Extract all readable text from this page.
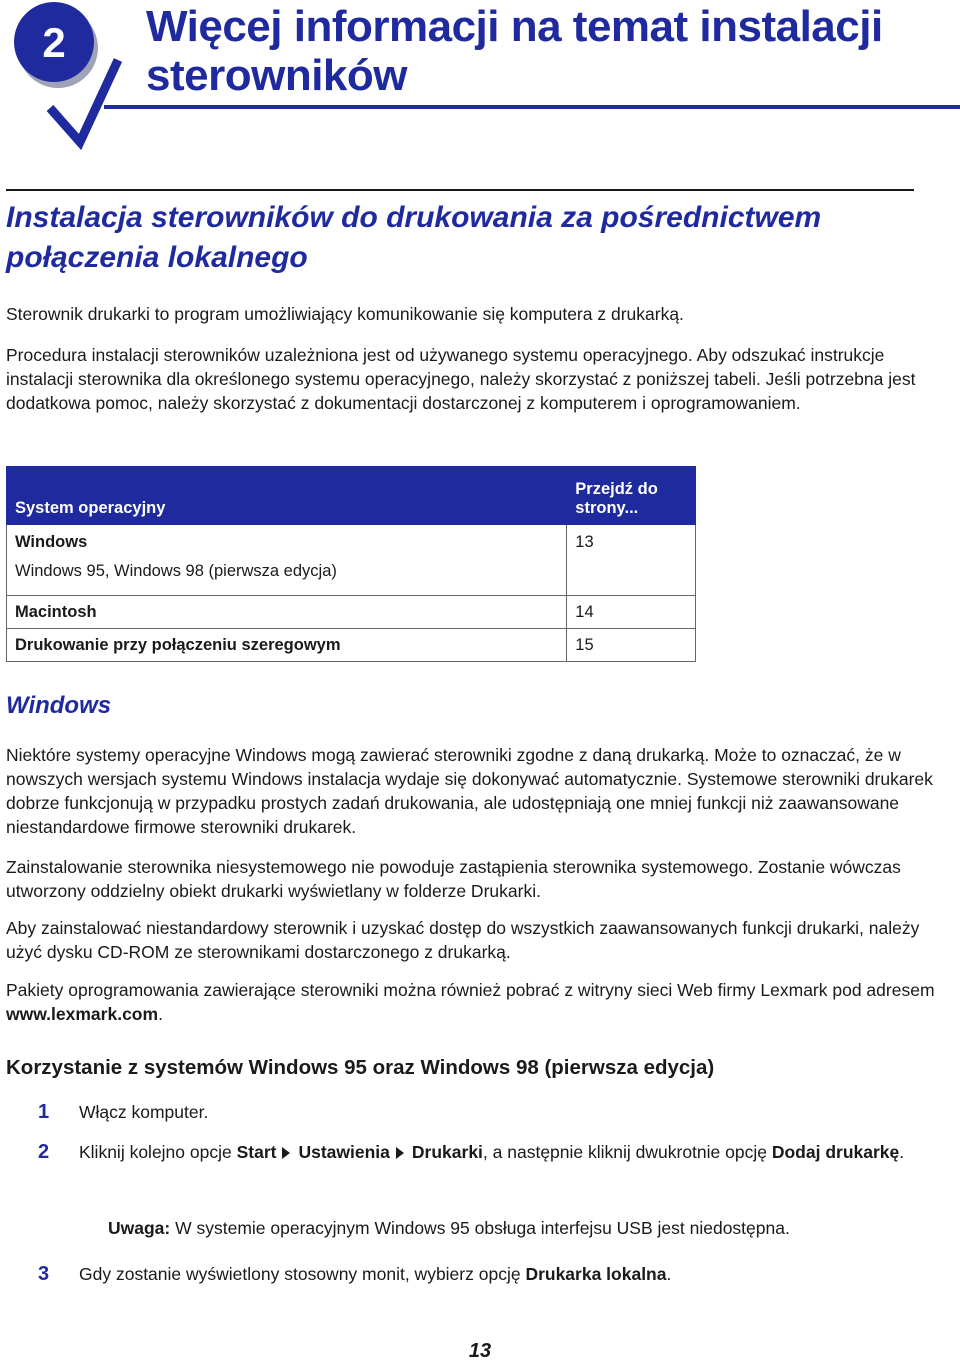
2 Więcej informacji na temat instalacji sterowników
Instalacja sterowników do drukowania za pośrednictwem połączenia lokalnego

Sterownik drukarki to program umożliwiający komunikowanie się komputera z drukarką.

Procedura instalacji sterowników uzależniona jest od używanego systemu operacyjnego. Aby odszukać instrukcje instalacji sterownika dla określonego systemu operacyjnego, należy skorzystać z poniższej tabeli. Jeśli potrzebna jest dodatkowa pomoc, należy skorzystać z dokumentacji dostarczonej z komputerem i oprogramowaniem.

System operacyjny	Przejdź do strony...

Windows
Windows 95, Windows 98 (pierwsza edycja)	13
Macintosh	14
Drukowanie przy połączeniu szeregowym	15
Windows

Niektóre systemy operacyjne Windows mogą zawierać sterowniki zgodne z daną drukarką. Może to oznaczać, że w nowszych wersjach systemu Windows instalacja wydaje się dokonywać automatycznie. Systemowe sterowniki drukarek dobrze funkcjonują w przypadku prostych zadań drukowania, ale udostępniają one mniej funkcji niż zaawansowane niestandardowe firmowe sterowniki drukarek.

Zainstalowanie sterownika niesystemowego nie powoduje zastąpienia sterownika systemowego. Zostanie wówczas utworzony oddzielny obiekt drukarki wyświetlany w folderze Drukarki.

Aby zainstalować niestandardowy sterownik i uzyskać dostęp do wszystkich zaawansowanych funkcji drukarki, należy użyć dysku CD-ROM ze sterownikami dostarczonego z drukarką.

Pakiety oprogramowania zawierające sterowniki można również pobrać z witryny sieci Web firmy Lexmark pod adresem www.lexmark.com.

Korzystanie z systemów Windows 95 oraz Windows 98 (pierwsza edycja)
1 Włącz komputer.

2 Kliknij kolejno opcje Start Ustawienia Drukarki, a następnie kliknij dwukrotnie opcję Dodaj drukarkę.

Uwaga: W systemie operacyjnym Windows 95 obsługa interfejsu USB jest niedostępna.

3 Gdy zostanie wyświetlony stosowny monit, wybierz opcję Drukarka lokalna.

13
